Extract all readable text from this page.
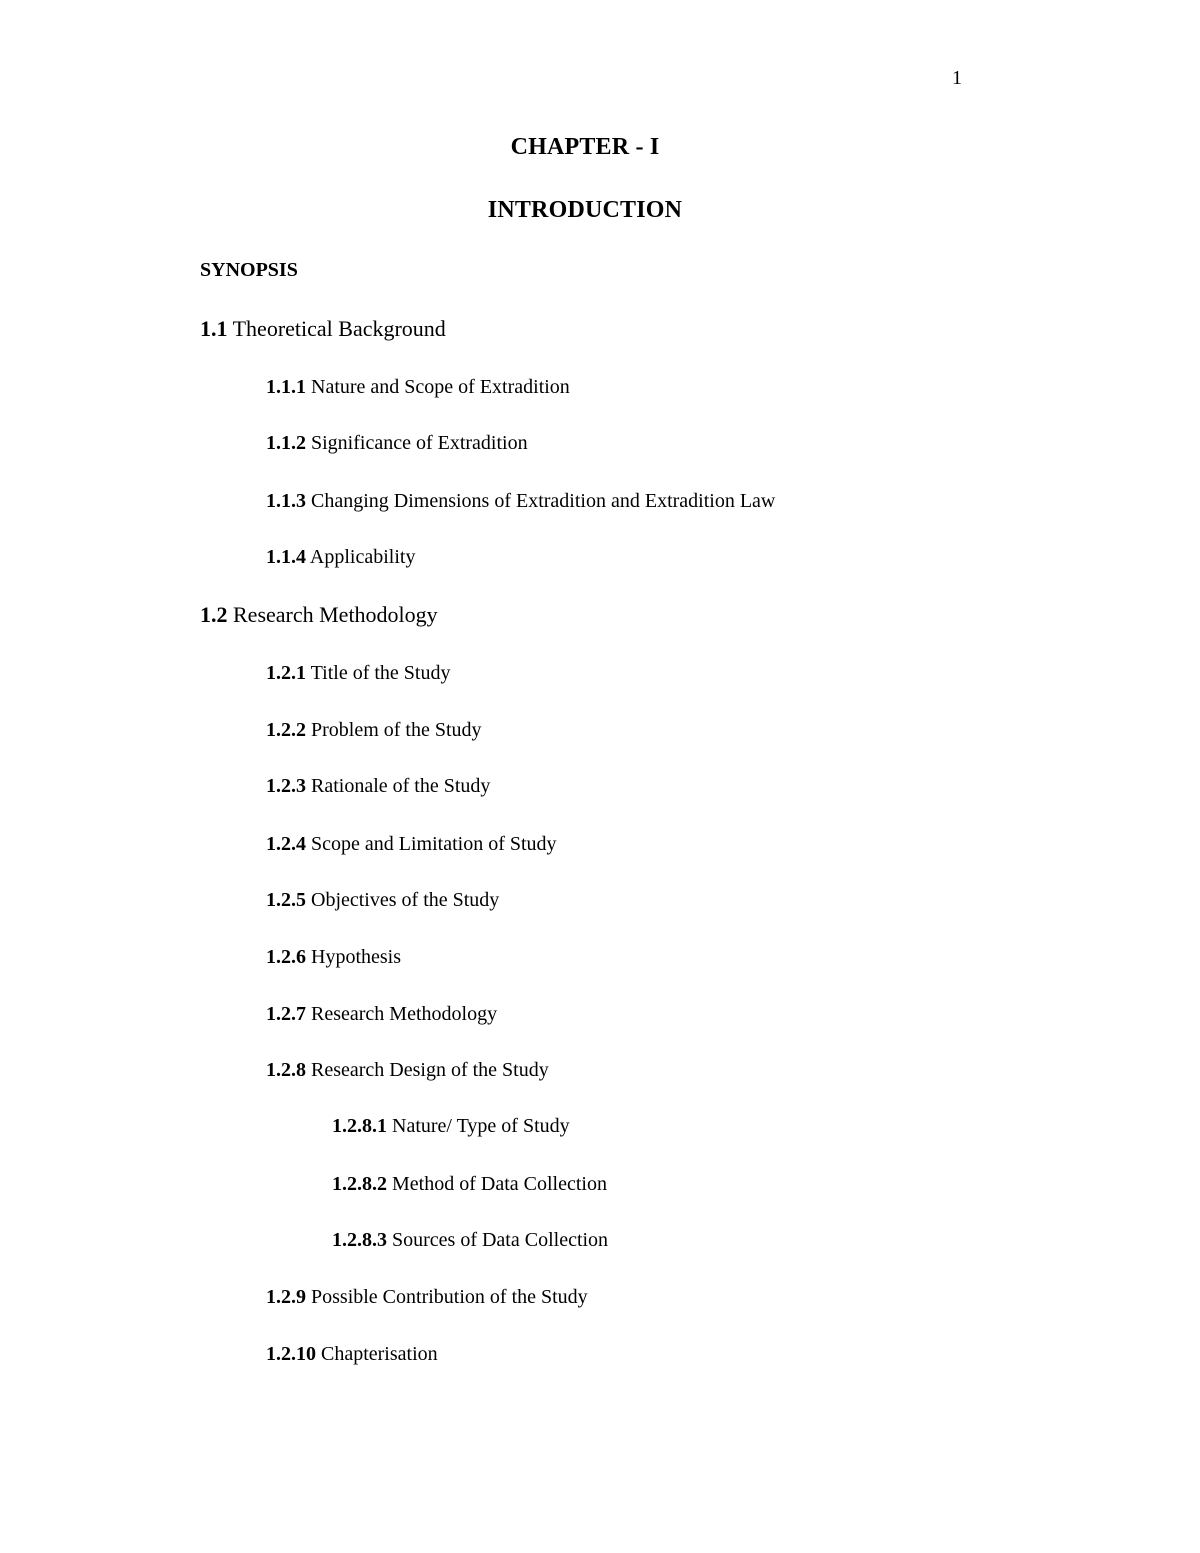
1
CHAPTER - I
INTRODUCTION
SYNOPSIS
1.1 Theoretical Background
1.1.1 Nature and Scope of Extradition
1.1.2 Significance of Extradition
1.1.3 Changing Dimensions of Extradition and Extradition Law
1.1.4 Applicability
1.2 Research Methodology
1.2.1 Title of the Study
1.2.2 Problem of the Study
1.2.3 Rationale of the Study
1.2.4 Scope and Limitation of Study
1.2.5 Objectives of the Study
1.2.6 Hypothesis
1.2.7 Research Methodology
1.2.8 Research Design of the Study
1.2.8.1 Nature/ Type of Study
1.2.8.2 Method of Data Collection
1.2.8.3 Sources of Data Collection
1.2.9 Possible Contribution of the Study
1.2.10 Chapterisation
